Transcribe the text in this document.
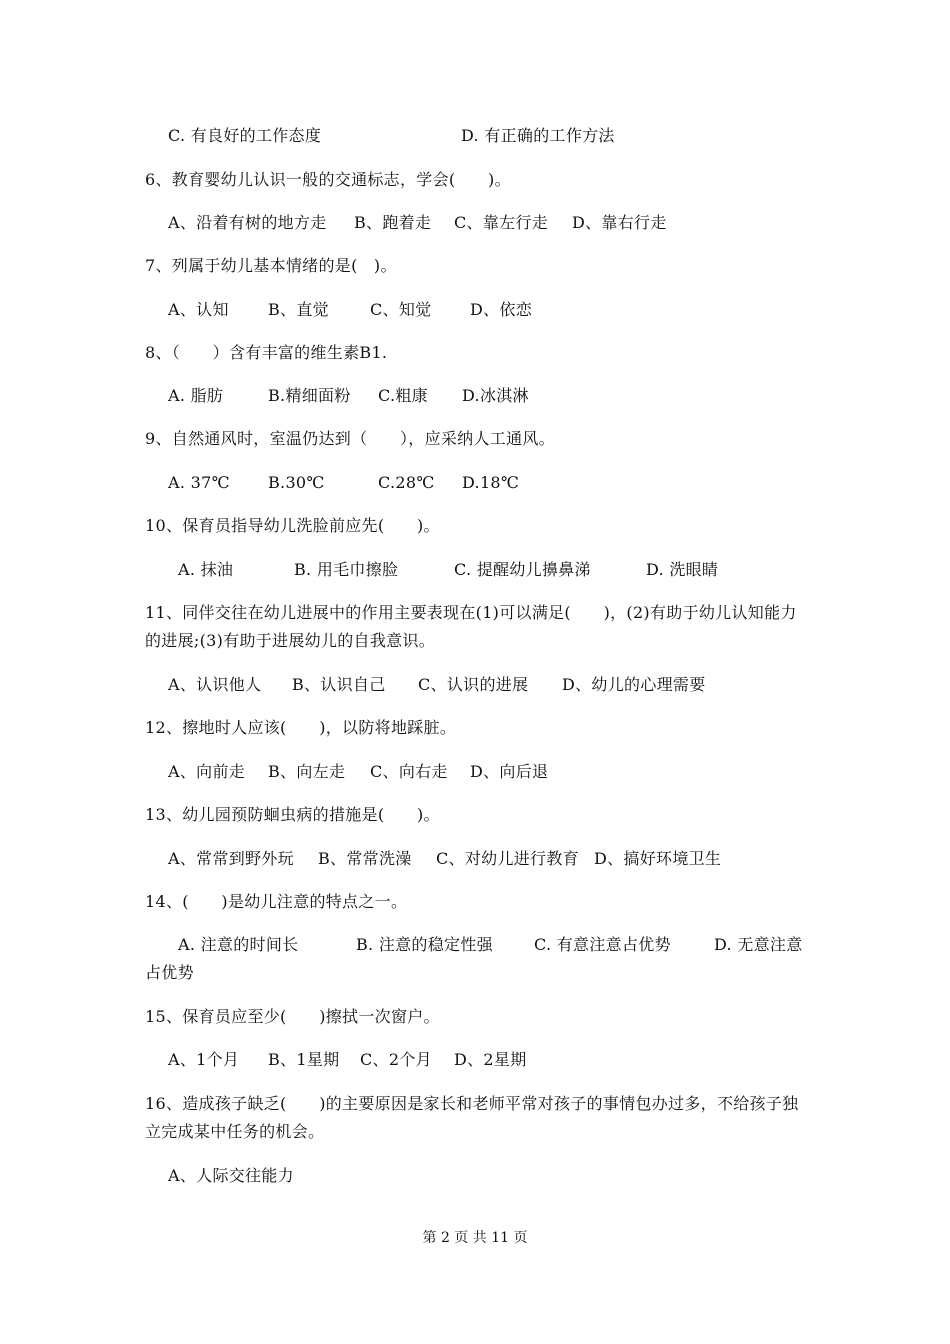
C. 有良好的工作态度	D. 有正确的工作方法
6、教育婴幼儿认识一般的交通标志，学会(　　)。
A、沿着有树的地方走	B、跑着走	C、靠左行走	D、靠右行走
7、列属于幼儿基本情绪的是(　)。
A、认知	B、直觉	C、知觉	D、依恋
8、（　　）含有丰富的维生素B1.
A. 脂肪	B.精细面粉	C.粗康	D.冰淇淋
9、自然通风时，室温仍达到（　　），应采纳人工通风。
A. 37℃	B.30℃	C.28℃	D.18℃
10、保育员指导幼儿洗脸前应先(　　)。
A. 抹油	B. 用毛巾擦脸	C. 提醒幼儿擤鼻涕	D. 洗眼睛
11、同伴交往在幼儿进展中的作用主要表现在(1)可以满足(　　)，(2)有助于幼儿认知能力
的进展;(3)有助于进展幼儿的自我意识。
A、认识他人	B、认识自己	C、认识的进展	D、幼儿的心理需要
12、擦地时人应该(　　)，以防将地踩脏。
A、向前走	B、向左走	C、向右走	D、向后退
13、幼儿园预防蛔虫病的措施是(　　)。
A、常常到野外玩	B、常常洗澡	C、对幼儿进行教育 D、搞好环境卫生
14、(　　)是幼儿注意的特点之一。
A. 注意的时间长	B. 注意的稳定性强	C. 有意注意占优势	D. 无意注意
占优势
15、保育员应至少(　　)擦拭一次窗户。
A、1个月	B、1星期	C、2个月	D、2星期
16、造成孩子缺乏(　　)的主要原因是家长和老师平常对孩子的事情包办过多，不给孩子独
立完成某中任务的机会。
A、人际交往能力
第 2 页 共 11 页
